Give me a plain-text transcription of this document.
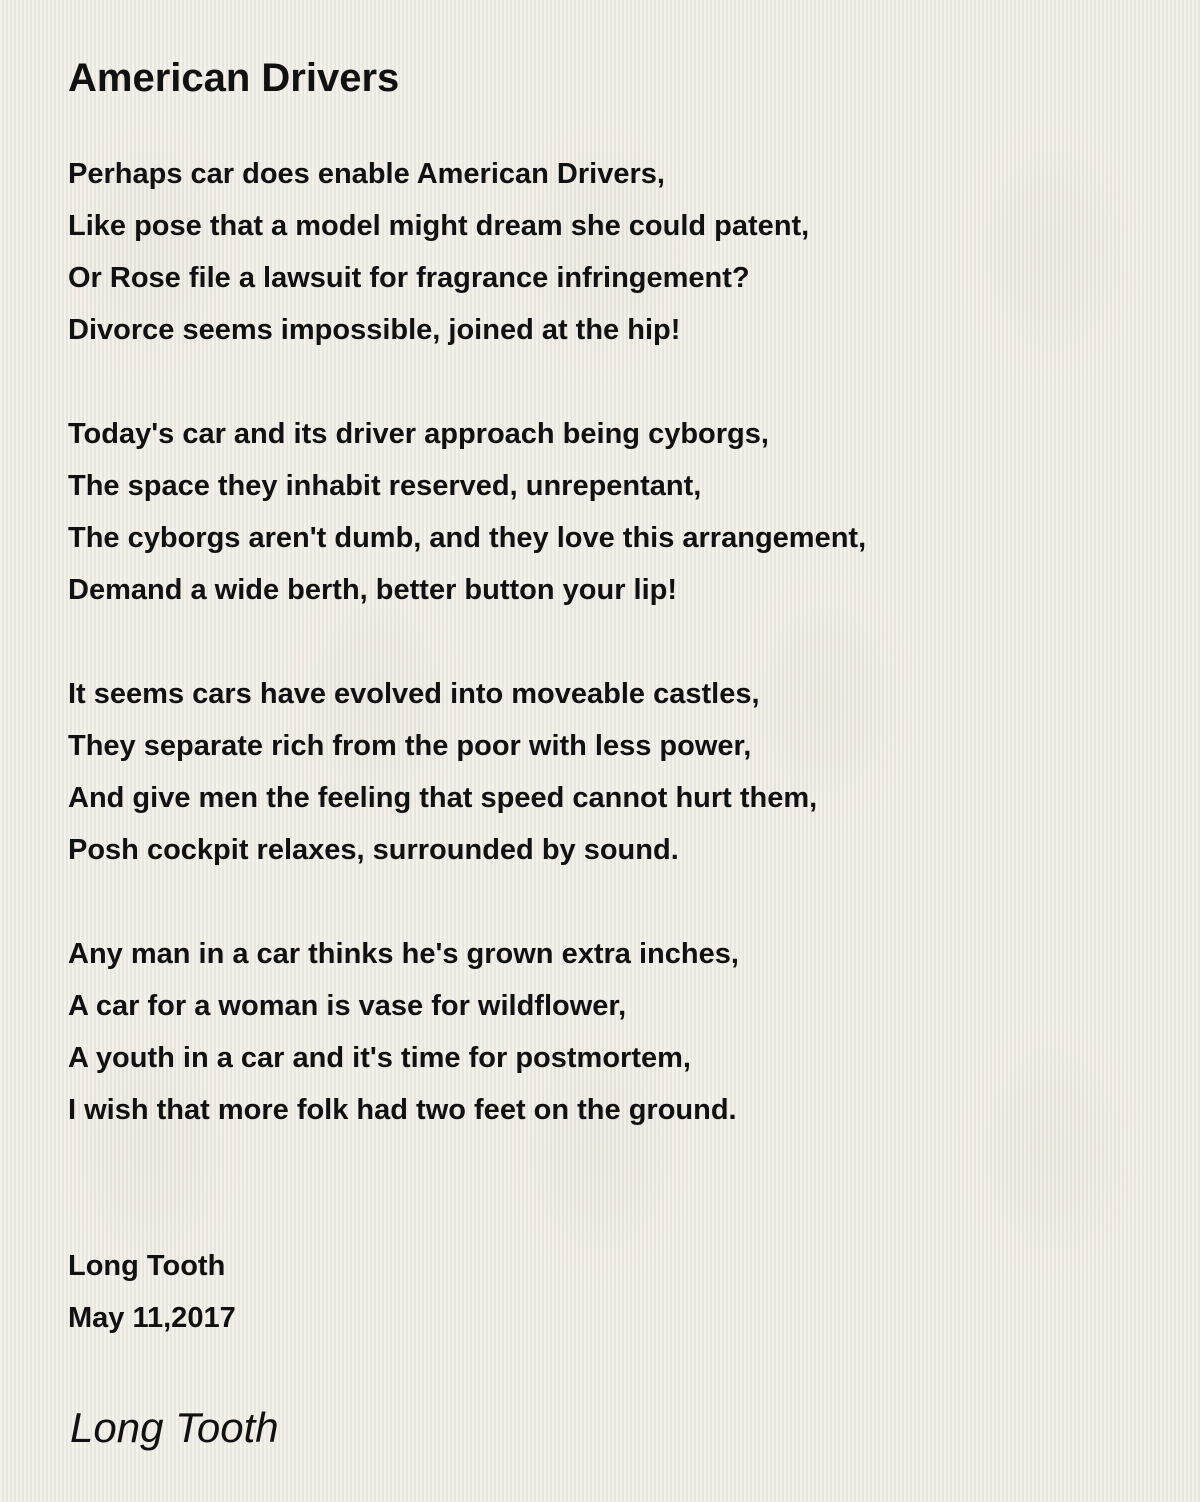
American Drivers
Perhaps car does enable American Drivers,
Like pose that a model might dream she could patent,
Or Rose file a lawsuit for fragrance infringement?
Divorce seems impossible, joined at the hip!
Today's car and its driver approach being cyborgs,
The space they inhabit reserved, unrepentant,
The cyborgs aren't dumb, and they love this arrangement,
Demand a wide berth, better button your lip!
It seems cars have evolved into moveable castles,
They separate rich from the poor with less power,
And give men the feeling that speed cannot hurt them,
Posh cockpit relaxes, surrounded by sound.
Any man in a car thinks he's grown extra inches,
A car for a woman is vase for wildflower,
A youth in a car and it's time for postmortem,
I wish that more folk had two feet on the ground.
Long Tooth
May 11,2017
Long Tooth
